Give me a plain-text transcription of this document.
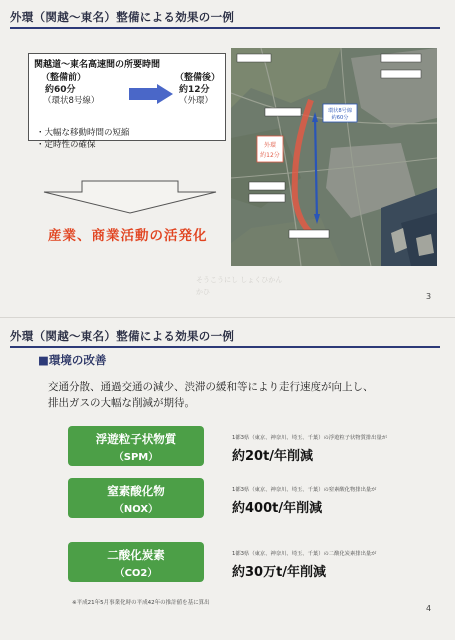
外環（関越～東名）整備による効果の一例
関越道～東名高速間の所要時間
（整備前）
約60分
（環状8号線）
（整備後）
約12分
（外環）
・大幅な移動時間の短縮
・定時性の確保
産業、商業活動の活発化
そうこうにし しょくひかん
かひ
外環
約12分
環状8号線
約60分
3
外環（関越～東名）整備による効果の一例
■環境の改善
交通分散、通過交通の減少、渋滞の緩和等により走行速度が向上し、
排出ガスの大幅な削減が期待。
浮遊粒子状物質
（SPM）
1都3県（東京、神奈川、埼玉、千葉）の浮遊粒子状物質排出量が
約20t/年削減
窒素酸化物
（NOX）
1都3県（東京、神奈川、埼玉、千葉）の窒素酸化物排出量が
約400t/年削減
二酸化炭素
（CO2）
1都3県（東京、神奈川、埼玉、千葉）の二酸化炭素排出量が
約30万t/年削減
※平成21年5月事業化時の平成42年の推計値を基に算出
4
